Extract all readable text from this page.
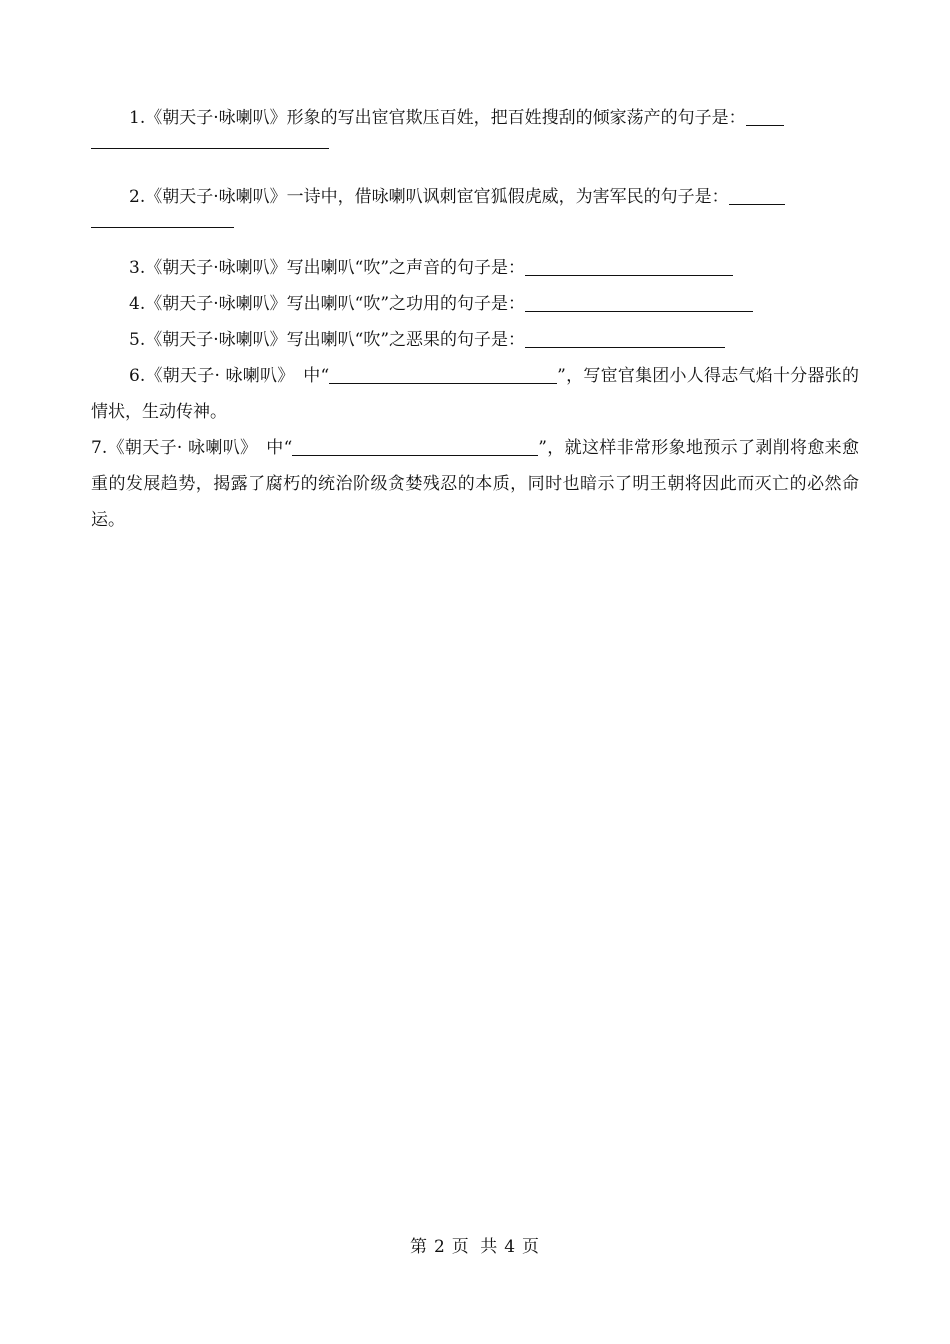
1.《朝天子·咏喇叭》形象的写出宦官欺压百姓，把百姓搜刮的倾家荡产的句子是：

2.《朝天子·咏喇叭》一诗中，借咏喇叭讽刺宦官狐假虎威，为害军民的句子是：

3.《朝天子·咏喇叭》写出喇叭“吹”之声音的句子是：

4.《朝天子·咏喇叭》写出喇叭“吹”之功用的句子是：

5.《朝天子·咏喇叭》写出喇叭“吹”之恶果的句子是：

6.《朝天子· 咏喇叭》　中“	”，写宦官集团小人得志气焰十分器张的情状，生动传神。

7.《朝天子· 咏喇叭》　中“	”，就这样非常形象地预示了剥削将愈来愈重的发展趋势，揭露了腐朽的统治阶级贪婪残忍的本质，同时也暗示了明王朝将因此而灭亡的必然命运。

第 2 页 共 4 页
